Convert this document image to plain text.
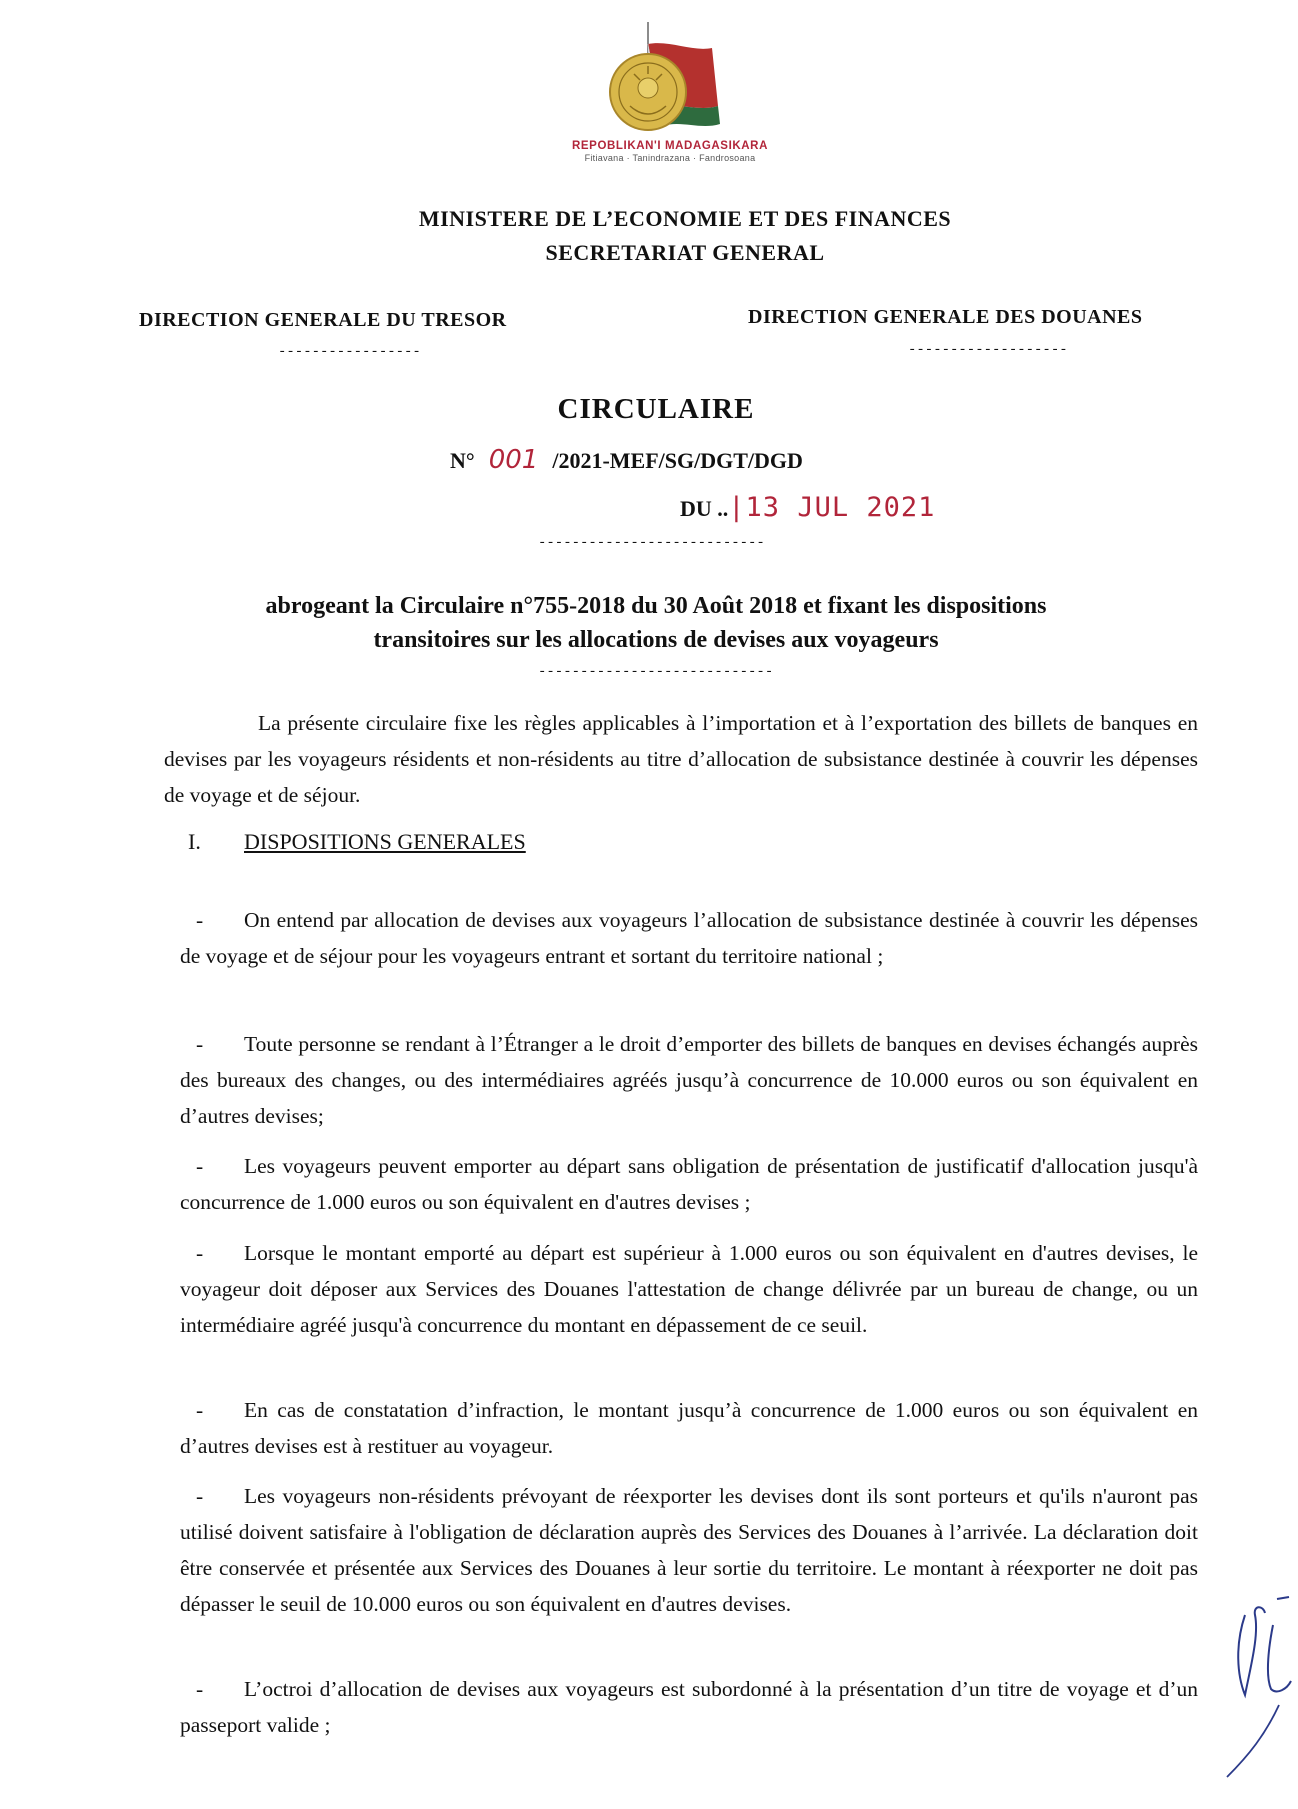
REPOBLIKAN'I MADAGASIKARA
Fitiavana · Tanindrazana · Fandrosoana
MINISTERE DE L’ECONOMIE ET DES FINANCES
SECRETARIAT GENERAL
DIRECTION GENERALE DU TRESOR	DIRECTION GENERALE DES DOUANES
-----------------	-------------------
CIRCULAIRE
N° 001 /2021-MEF/SG/DGT/DGD
DU ..|13 JUL 2021
---------------------------
abrogeant la Circulaire n°755-2018 du 30 Août 2018 et fixant les dispositions
transitoires sur les allocations de devises aux voyageurs
----------------------------
La présente circulaire fixe les règles applicables à l’importation et à l’exportation des billets de banques en devises par les voyageurs résidents et non-résidents au titre d’allocation de subsistance destinée à couvrir les dépenses de voyage et de séjour.
I. DISPOSITIONS GENERALES
- On entend par allocation de devises aux voyageurs l’allocation de subsistance destinée à couvrir les dépenses de voyage et de séjour pour les voyageurs entrant et sortant du territoire national ;
- Toute personne se rendant à l’Étranger a le droit d’emporter des billets de banques en devises échangés auprès des bureaux des changes, ou des intermédiaires agréés jusqu’à concurrence de 10.000 euros ou son équivalent en d’autres devises;
- Les voyageurs peuvent emporter au départ sans obligation de présentation de justificatif d'allocation jusqu'à concurrence de 1.000 euros ou son équivalent en d'autres devises ;
- Lorsque le montant emporté au départ est supérieur à 1.000 euros ou son équivalent en d'autres devises, le voyageur doit déposer aux Services des Douanes l'attestation de change délivrée par un bureau de change, ou un intermédiaire agréé jusqu'à concurrence du montant en dépassement de ce seuil.
- En cas de constatation d’infraction, le montant jusqu’à concurrence de 1.000 euros ou son équivalent en d’autres devises est à restituer au voyageur.
- Les voyageurs non-résidents prévoyant de réexporter les devises dont ils sont porteurs et qu'ils n'auront pas utilisé doivent satisfaire à l'obligation de déclaration auprès des Services des Douanes à l’arrivée. La déclaration doit être conservée et présentée aux Services des Douanes à leur sortie du territoire. Le montant à réexporter ne doit pas dépasser le seuil de 10.000 euros ou son équivalent en d'autres devises.
- L’octroi d’allocation de devises aux voyageurs est subordonné à la présentation d’un titre de voyage et d’un passeport valide ;
